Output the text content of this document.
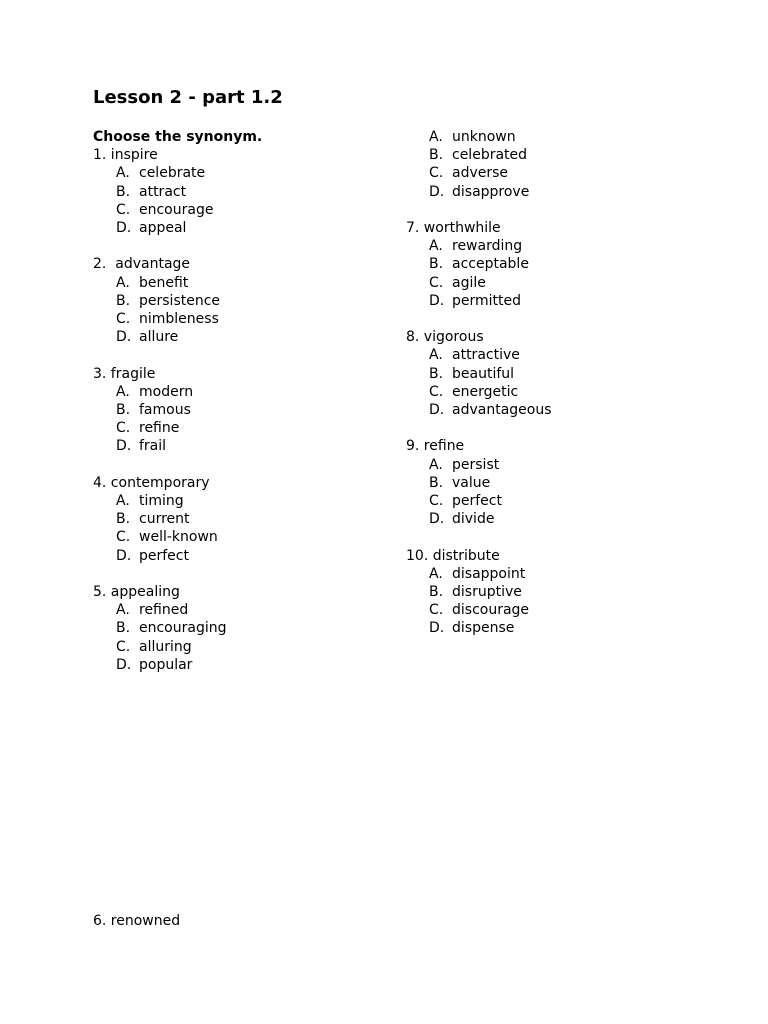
Lesson 2 - part 1.2
Choose the synonym.
1. inspire
A. celebrate
B. attract
C. encourage
D. appeal
2.  advantage
A. benefit
B. persistence
C. nimbleness
D. allure
3. fragile
A. modern
B. famous
C. refine
D. frail
4. contemporary
A. timing
B. current
C. well-known
D. perfect
5. appealing
A. refined
B. encouraging
C. alluring
D. popular
A. unknown
B. celebrated
C. adverse
D. disapprove
7. worthwhile
A. rewarding
B. acceptable
C. agile
D. permitted
8. vigorous
A. attractive
B. beautiful
C. energetic
D. advantageous
9. refine
A. persist
B. value
C. perfect
D. divide
10. distribute
A. disappoint
B. disruptive
C. discourage
D. dispense
6. renowned
